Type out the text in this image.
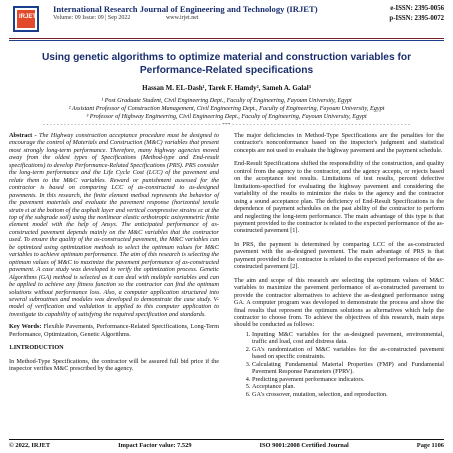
IRJET
International Research Journal of Engineering and Technology (IRJET)
Volume: 09 Issue: 09 | Sep 2022	www.irjet.net
e-ISSN: 2395-0056
p-ISSN: 2395-0072
Using genetic algorithms to optimize material and construction variables for Performance-Related specifications
Hassan M. EL-Dash¹, Tarek F. Hamdy², Sameh A. Galal³
¹ Post Graduate Student, Civil Engineering Dept., Faculty of Engineering, Fayoum University, Egypt
² Assistant Professor of Construction Management, Civil Engineering Dept., Faculty of Engineering, Fayoum University, Egypt
³ Professor of Highway Engineering, Civil Engineering Dept., Faculty of Engineering, Fayoum University, Egypt
- - - - - - - - - - - - - - - - - - - - - - - - - - - - - - - - - - - - - - - - - - - - - - - - - - - *** - - - - - - - - - - - - - - - - - - - - - - - - - - - - - - - - - - - - - - - - - - - - - - - - - - -

Abstract - The Highway construction acceptance procedure must be designed to encourage the control of Materials and Construction (M&C) variables that present most strongly long-term performance. Therefore, many highway agencies moved away from the oldest types of Specifications (Method-type and End-result specifications) to develop Performance-Related Specifications (PRS). PRS consider the long-term performance and the Life Cycle Cost (LCC) of the pavement and relate them to the M&C variables. Reward or punishment assessed for the contractor is based on comparing LCC of as-constructed to as-designed pavements. In this research, the finite element method represents the behavior of the pavement materials and evaluate the pavement response (horizontal tensile strain εt at the bottom of the asphalt layer and vertical compressive strains εc at the top of the subgrade soil) using the nonlinear elastic orthotropic axisymmetric finite element model with the help of Ansys. The anticipated performance of as-constructed pavement depends mainly on the M&C variables that the contractor used. To ensure the quality of the as-constructed pavement, the M&C variables can be optimized using optimization methods to select the optimum values for M&C variables to achieve optimum performance. The aim of this research is selecting the optimum values of M&C to maximize the pavement performance of as-constructed pavement. A case study was developed to verify the optimization process. Genetic Algorithms (GA) method is selected as it can deal with multiple variables and can be applied to achieve any fitness function so the contractor can find the optimum solutions without performance loss. Also, a computer application structured into several subroutines and modules was developed to demonstrate the case study. V-model of verification and validation is applied to this computer application to investigate its capability of satisfying the required specification and standards.

Key Words: Flexible Pavements, Performance-Related Specifications, Long-Term Performance, Optimization, Genetic Algorithms.

1.INTRODUCTION

In Method-Type Specifications, the contractor will be assured full bid price if the inspector verifies M&C prescribed by the agency.

The major deficiencies in Method-Type Specifications are the penalties for the contractor's nonconformance based on the inspector's judgment and statistical concepts are not used to evaluate the highway pavement and the payment schedule.

End-Result Specifications shifted the responsibility of the construction, and quality control from the agency to the contractor, and the agency accepts, or rejects based on the acceptance test results. Limitations of test results, percent defective limitations-specified for evaluating the highway pavement and considering the variability of the results to minimize the risks to the agency and the contractor using a sound acceptance plan. The deficiency of End-Result Specifications is the dependence of payment schedules on the past ability of the contractor to perform and neglecting the long-term performance. The main advantage of this type is that payment provided to the contractor is related to the expected performance of the as-constructed pavement [1].

In PRS, the payment is determined by comparing LCC of the as-constructed pavement with the as-designed pavement. The main advantage of PRS is that payment provided to the contractor is related to the expected performance of the as-constructed pavement [2].

The aim and scope of this research are selecting the optimum values of M&C variables to maximize the pavement performance of as-constructed pavement to provide the contractor alternatives to achieve the as-designed performance using GA. A computer program was developed to demonstrate the process and show the final results that represent the optimum solutions as alternatives which help the contractor to choose from. To achieve the objectives of this research, main steps should be conducted as follows:

1. Inputting M&C variables for the as-designed pavement, environmental, traffic and load, cost and distress data.
2. GA's randomization of M&C variables for the as-constructed pavement based on specific constraints.
3. Calculating Fundamental Material Properties (FMP) and Fundamental Pavement Response Parameters (FPRV).
4. Predicting pavement performance indicators.
5. Acceptance plan.
6. GA's crossover, mutation, selection, and reproduction.
© 2022, IRJET	Impact Factor value: 7.529	ISO 9001:2008 Certified Journal	Page 1106
